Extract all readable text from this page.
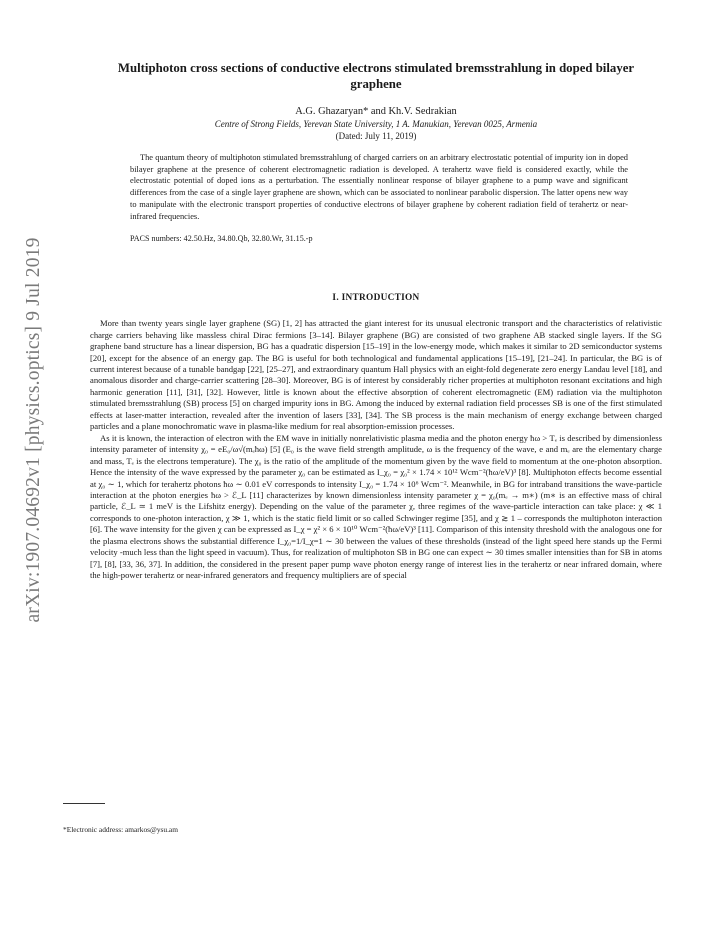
arXiv:1907.04692v1 [physics.optics] 9 Jul 2019
Multiphoton cross sections of conductive electrons stimulated bremsstrahlung in doped bilayer graphene
A.G. Ghazaryan* and Kh.V. Sedrakian
Centre of Strong Fields, Yerevan State University, 1 A. Manukian, Yerevan 0025, Armenia
(Dated: July 11, 2019)
The quantum theory of multiphoton stimulated bremsstrahlung of charged carriers on an arbitrary electrostatic potential of impurity ion in doped bilayer graphene at the presence of coherent electromagnetic radiation is developed. A terahertz wave field is considered exactly, while the electrostatic potential of doped ions as a perturbation. The essentially nonlinear response of bilayer graphene to a pump wave and significant differences from the case of a single layer graphene are shown, which can be associated to nonlinear parabolic dispersion. The latter opens new way to manipulate with the electronic transport properties of conductive electrons of bilayer graphene by coherent radiation field of terahertz or near-infrared frequencies.
PACS numbers: 42.50.Hz, 34.80.Qb, 32.80.Wr, 31.15.-p
I. INTRODUCTION

More than twenty years single layer graphene (SG) [1, 2] has attracted the giant interest for its unusual electronic transport and the characteristics of relativistic charge carriers behaving like massless chiral Dirac fermions [3–14]. Bilayer graphene (BG) are consisted of two graphene AB stacked single layers. If the SG graphene band structure has a linear dispersion, BG has a quadratic dispersion [15–19] in the low-energy mode, which makes it similar to 2D semiconductor systems [20], except for the absence of an energy gap. The BG is useful for both technological and fundamental applications [15–19], [21–24]. In particular, the BG is of current interest because of a tunable bandgap [22], [25–27], and extraordinary quantum Hall physics with an eight-fold degenerate zero energy Landau level [18], and anomalous disorder and charge-carrier scattering [28–30]. Moreover, BG is of interest by considerably richer properties at multiphoton resonant excitations and high harmonic generation [11], [31], [32]. However, little is known about the effective absorption of coherent electromagnetic (EM) radiation via the multiphoton stimulated bremsstrahlung (SB) process [5] on charged impurity ions in BG. Among the induced by external radiation field processes SB is one of the first stimulated effects at laser-matter interaction, revealed after the invention of lasers [33], [34]. The SB process is the main mechanism of energy exchange between charged particles and a plane monochromatic wave in plasma-like medium for real absorption-emission processes.

As it is known, the interaction of electron with the EM wave in initially nonrelativistic plasma media and the photon energy ħω > Tₑ is described by dimensionless intensity parameter of intensity χ₀ = eE₀/ω√(mₑħω) [5] (E₀ is the wave field strength amplitude, ω is the frequency of the wave, e and mₑ are the elementary charge and mass, Tₑ is the electrons temperature). The χ₀ is the ratio of the amplitude of the momentum given by the wave field to momentum at the one-photon absorption. Hence the intensity of the wave expressed by the parameter χ₀ can be estimated as I_χ₀ = χ₀² × 1.74 × 10¹² Wcm⁻²(ħω/eV)³ [8]. Multiphoton effects become essential at χ₀ ∼ 1, which for terahertz photons ħω ∼ 0.01 eV corresponds to intensity I_χ₀ = 1.74 × 10⁶ Wcm⁻². Meanwhile, in BG for intraband transitions the wave-particle interaction at the photon energies ħω > ℰ_L [11] characterizes by known dimensionless intensity parameter χ = χ₀(mₑ → m∗) (m∗ is an effective mass of chiral particle, ℰ_L ≃ 1 meV is the Lifshitz energy). Depending on the value of the parameter χ, three regimes of the wave-particle interaction can take place: χ ≪ 1 corresponds to one-photon interaction, χ ≫ 1, which is the static field limit or so called Schwinger regime [35], and χ ≳ 1 – corresponds the multiphoton interaction [6]. The wave intensity for the given χ can be expressed as I_χ = χ² × 6 × 10¹⁰ Wcm⁻²(ħω/eV)³ [11]. Comparison of this intensity threshold with the analogous one for the plasma electrons shows the substantial difference I_χ₀=1/I_χ=1 ∼ 30 between the values of these thresholds (instead of the light speed here stands up the Fermi velocity -much less than the light speed in vacuum). Thus, for realization of multiphoton SB in BG one can expect ∼ 30 times smaller intensities than for SB in atoms [7], [8], [33, 36, 37]. In addition, the considered in the present paper pump wave photon energy range of interest lies in the terahertz or near infrared domain, where the high-power terahertz or near-infrared generators and frequency multipliers are of special

*Electronic address: amarkos@ysu.am
